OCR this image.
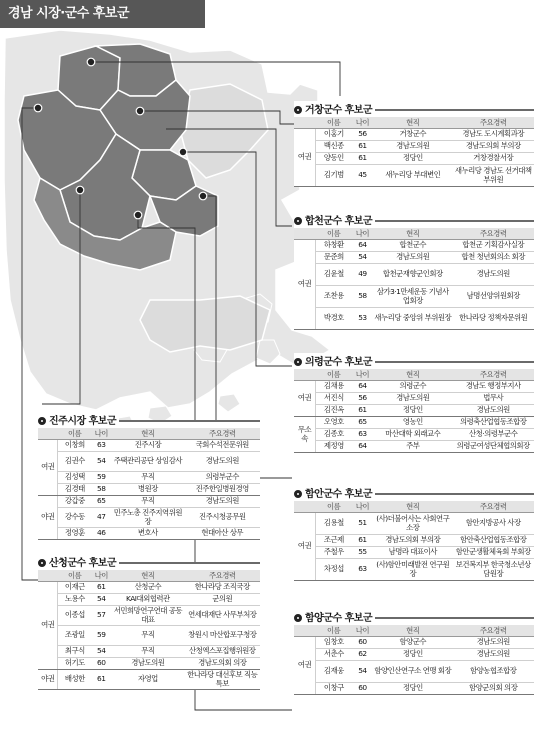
경남 시장·군수 후보군
거창군수 후보군
	이름	나이	현직	주요경력
여권	이홍기	56	거창군수	경남도 도시계획과장
	백신종	61	경남도의원	경남도의회 부의장
	양동인	61	정당인	거창경찰서장
	김기범	45	새누리당 부대변인	새누리당 경남도 선거대책부위원
합천군수 후보군
	이름	나이	현직	주요경력
여권	하창환	64	합천군수	합천군 기획감사실장
	문준희	54	경남도의원	합천 청년회의소 회장
	김윤철	49	합천군재향군인회장	경남도의원
	조찬용	58	삼가3·1만세운동 기념사업회장	남명선양위원회장
	박경호	53	새누리당 중앙위 부위원장	한나라당 정책자문위원
의령군수 후보군
	이름	나이	현직	주요경력
여권	김채용	64	의령군수	경남도 행정부지사
	서진식	56	경남도의원	법무사
	김진옥	61	정당인	경남도의원
무소속	오영호	65	영농인	의령축산업협동조합장
	김종호	63	마산대학 외래교수	산청·의령부군수
	제정영	64	주부	의령군여성단체협의회장
함안군수 후보군
	이름	나이	현직	주요경력
여권	김용철	51	(사)더불어사는 사회연구소장	함안지방공사 사장
	조근제	61	경남도의회 부의장	함안축산업협동조합장
	주철우	55	남명라 대표이사	함안군생활체육회 부회장
	차정섭	63	(사)함안미래발전 연구원장	보건복지부 한국청소년상담원장
함양군수 후보군
	이름	나이	현직	주요경력
여권	임창호	60	함양군수	경남도의원
	서춘수	62	정당인	경남도의원
	김재웅	54	함양인산연구소 연맹 회장	함양농협조합장
	이창구	60	정당인	함양군의회 의장
진주시장 후보군
	이름	나이	현직	주요경력
여권	이창희	63	진주시장	국회수석전문위원
	김권수	54	주택관리공단 상임감사	경남도의원
	김성택	59	무직	의령부군수
	김경태	58	병원장	진주한일병원경영
야권	강갑중	65	무직	경남도의원
	강수동	47	민주노총 진주지역위원장	진주시청공무원
	정영훈	46	변호사	현대아산 상무
산청군수 후보군
	이름	나이	현직	주요경력
여권	이재근	61	산청군수	한나라당 조직국장
	노용수	54	KAI대외협력관	군의원
	이종섭	57	서민희망연구연대 공동대표	연세대재단 사무부처장
	조광일	59	무직	창원시 마산합포구청장
	최구식	54	무직	산청엑스포집행위원장
	허기도	60	경남도의원	경남도의회 의장
야권	배성한	61	자영업	한나라당 대선후보 직능특보
